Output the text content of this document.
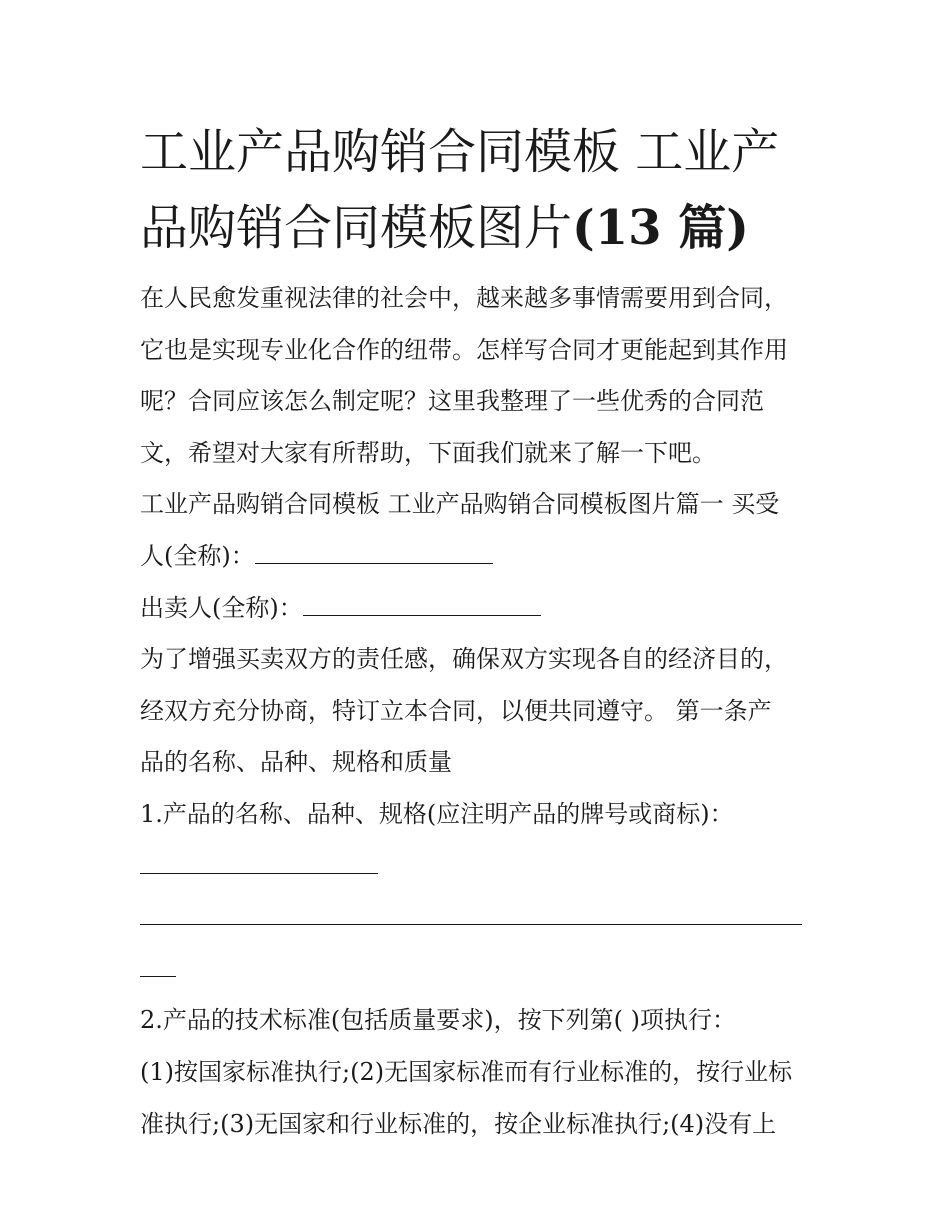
工业产品购销合同模板 工业产
品购销合同模板图片(13 篇)
在人民愈发重视法律的社会中，越来越多事情需要用到合同，
它也是实现专业化合作的纽带。怎样写合同才更能起到其作用
呢？合同应该怎么制定呢？这里我整理了一些优秀的合同范
文，希望对大家有所帮助，下面我们就来了解一下吧。
工业产品购销合同模板 工业产品购销合同模板图片篇一 买受
人(全称)：
出卖人(全称)：
为了增强买卖双方的责任感，确保双方实现各自的经济目的，
经双方充分协商，特订立本合同，以便共同遵守。 第一条产
品的名称、品种、规格和质量
1.产品的名称、品种、规格(应注明产品的牌号或商标)：
2.产品的技术标准(包括质量要求)，按下列第( )项执行：
(1)按国家标准执行;(2)无国家标准而有行业标准的，按行业标
准执行;(3)无国家和行业标准的，按企业标准执行;(4)没有上
